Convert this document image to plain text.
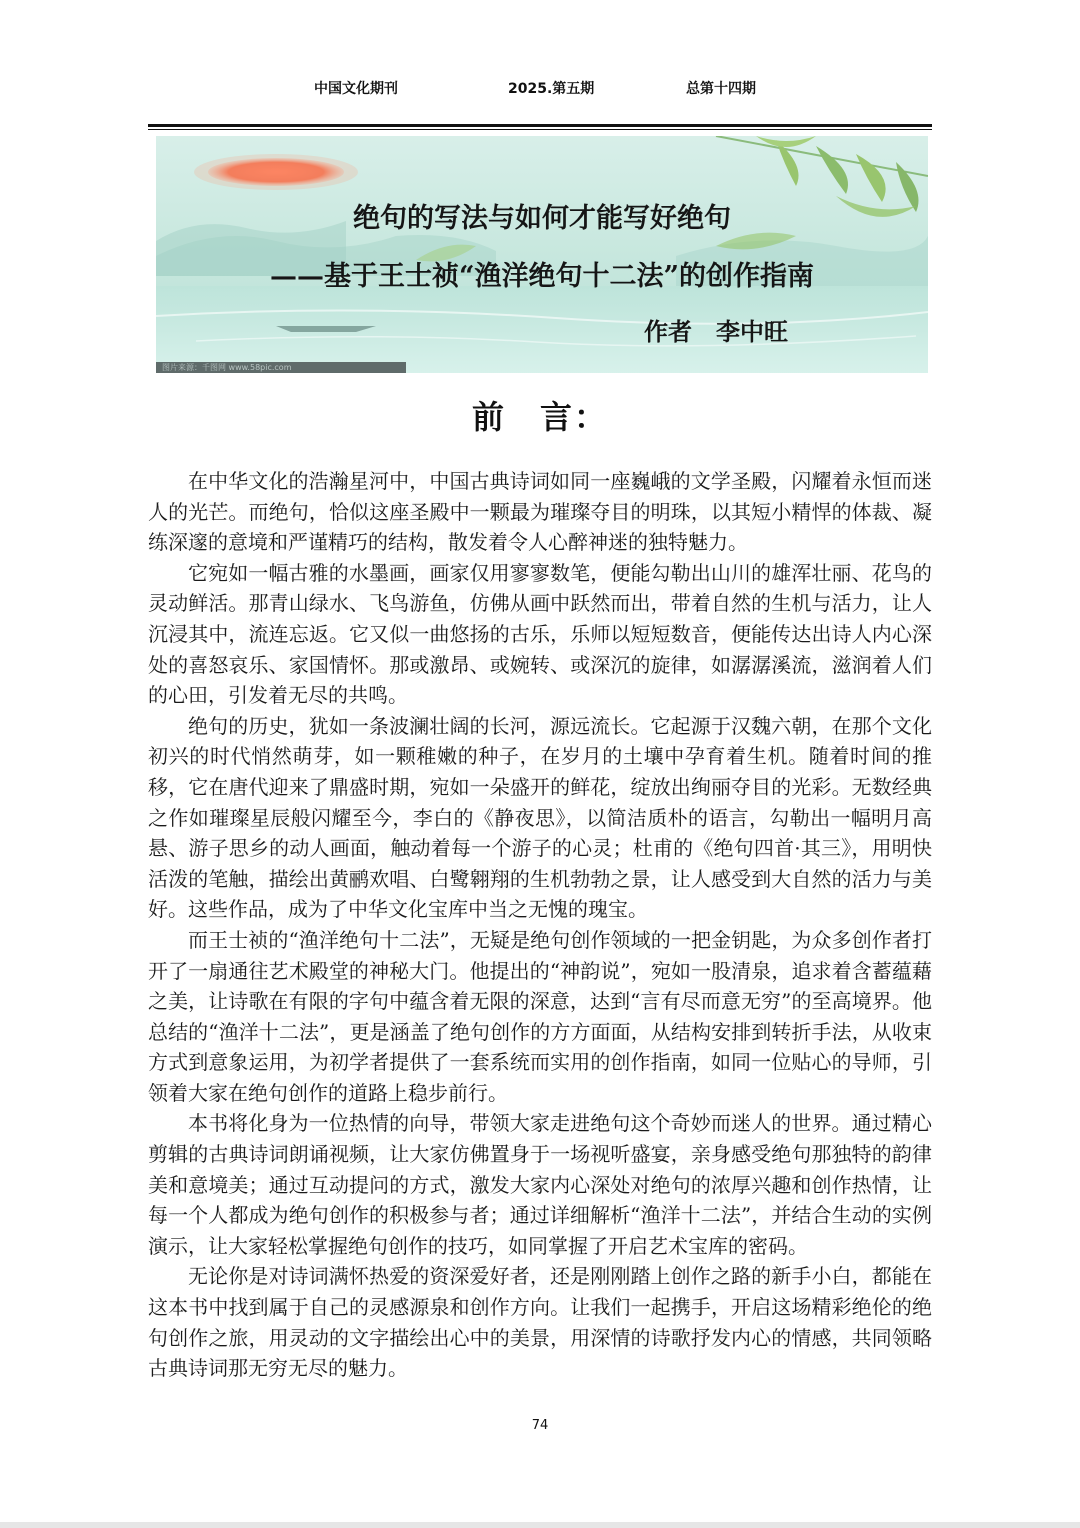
中国文化期刊	2025.第五期	总第十四期
绝句的写法与如何才能写好绝句
——基于王士祯“渔洋绝句十二法”的创作指南
作者　李中旺
图片来源：千图网 www.58pic.com
前　言：

在中华文化的浩瀚星河中，中国古典诗词如同一座巍峨的文学圣殿，闪耀着永恒而迷人的光芒。而绝句，恰似这座圣殿中一颗最为璀璨夺目的明珠，以其短小精悍的体裁、凝练深邃的意境和严谨精巧的结构，散发着令人心醉神迷的独特魅力。

它宛如一幅古雅的水墨画，画家仅用寥寥数笔，便能勾勒出山川的雄浑壮丽、花鸟的灵动鲜活。那青山绿水、飞鸟游鱼，仿佛从画中跃然而出，带着自然的生机与活力，让人沉浸其中，流连忘返。它又似一曲悠扬的古乐，乐师以短短数音，便能传达出诗人内心深处的喜怒哀乐、家国情怀。那或激昂、或婉转、或深沉的旋律，如潺潺溪流，滋润着人们的心田，引发着无尽的共鸣。

绝句的历史，犹如一条波澜壮阔的长河，源远流长。它起源于汉魏六朝，在那个文化初兴的时代悄然萌芽，如一颗稚嫩的种子，在岁月的土壤中孕育着生机。随着时间的推移，它在唐代迎来了鼎盛时期，宛如一朵盛开的鲜花，绽放出绚丽夺目的光彩。无数经典之作如璀璨星辰般闪耀至今，李白的《静夜思》，以简洁质朴的语言，勾勒出一幅明月高悬、游子思乡的动人画面，触动着每一个游子的心灵；杜甫的《绝句四首·其三》，用明快活泼的笔触，描绘出黄鹂欢唱、白鹭翱翔的生机勃勃之景，让人感受到大自然的活力与美好。这些作品，成为了中华文化宝库中当之无愧的瑰宝。

而王士祯的“渔洋绝句十二法”，无疑是绝句创作领域的一把金钥匙，为众多创作者打开了一扇通往艺术殿堂的神秘大门。他提出的“神韵说”，宛如一股清泉，追求着含蓄蕴藉之美，让诗歌在有限的字句中蕴含着无限的深意，达到“言有尽而意无穷”的至高境界。他总结的“渔洋十二法”，更是涵盖了绝句创作的方方面面，从结构安排到转折手法，从收束方式到意象运用，为初学者提供了一套系统而实用的创作指南，如同一位贴心的导师，引领着大家在绝句创作的道路上稳步前行。

本书将化身为一位热情的向导，带领大家走进绝句这个奇妙而迷人的世界。通过精心剪辑的古典诗词朗诵视频，让大家仿佛置身于一场视听盛宴，亲身感受绝句那独特的韵律美和意境美；通过互动提问的方式，激发大家内心深处对绝句的浓厚兴趣和创作热情，让每一个人都成为绝句创作的积极参与者；通过详细解析“渔洋十二法”，并结合生动的实例演示，让大家轻松掌握绝句创作的技巧，如同掌握了开启艺术宝库的密码。

无论你是对诗词满怀热爱的资深爱好者，还是刚刚踏上创作之路的新手小白，都能在这本书中找到属于自己的灵感源泉和创作方向。让我们一起携手，开启这场精彩绝伦的绝句创作之旅，用灵动的文字描绘出心中的美景，用深情的诗歌抒发内心的情感，共同领略古典诗词那无穷无尽的魅力。

74
